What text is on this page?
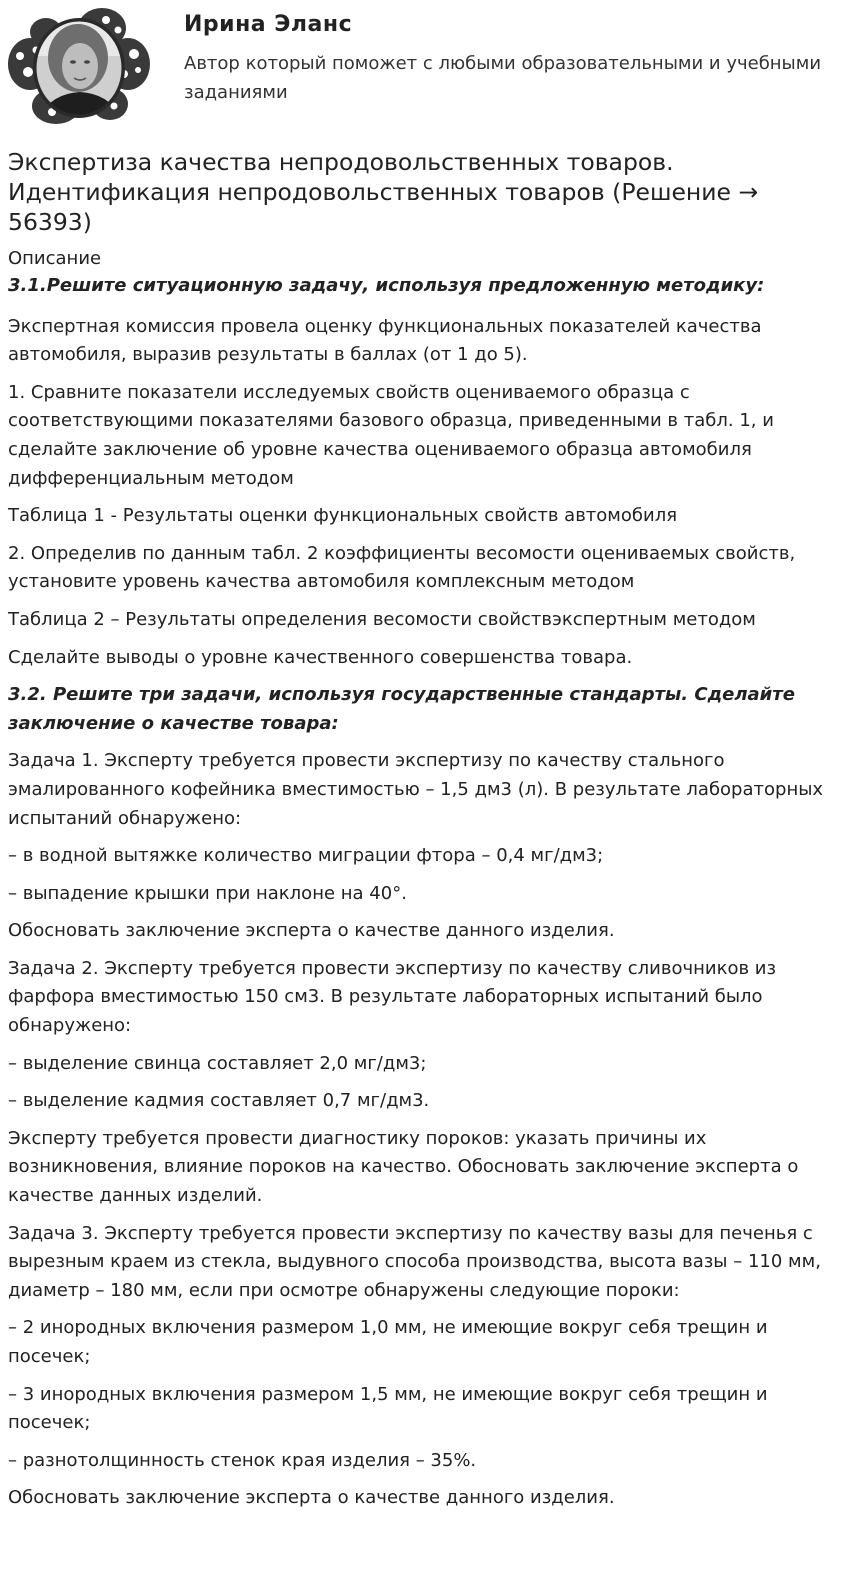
Ирина Эланс
Автор который поможет с любыми образовательными и учебными заданиями
Экспертиза качества непродовольственных товаров. Идентификация непродовольственных товаров (Решение → 56393)
Описание

3.1.Решите ситуационную задачу, используя предложенную методику:

Экспертная комиссия провела оценку функциональных показателей качества автомобиля, выразив результаты в баллах (от 1 до 5).

1. Сравните показатели исследуемых свойств оцениваемого образца с соответствующими показателями базового образца, приведенными в табл. 1, и сделайте заключение об уровне качества оцениваемого образца автомобиля дифференциальным методом

Таблица 1 - Результаты оценки функциональных свойств автомобиля

2. Определив по данным табл. 2 коэффициенты весомости оцениваемых свойств, установите уровень качества автомобиля комплексным методом

Таблица 2 – Результаты определения весомости свойствэкспертным методом

Сделайте выводы о уровне качественного совершенства товара.

3.2. Решите три задачи, используя государственные стандарты. Сделайте заключение о качестве товара:

Задача 1. Эксперту требуется провести экспертизу по качеству стального эмалированного кофейника вместимостью – 1,5 дм3 (л). В результате лабораторных испытаний обнаружено:

– в водной вытяжке количество миграции фтора – 0,4 мг/дм3;

– выпадение крышки при наклоне на 40°.

Обосновать заключение эксперта о качестве данного изделия.

Задача 2. Эксперту требуется провести экспертизу по качеству сливочников из фарфора вместимостью 150 см3. В результате лабораторных испытаний было обнаружено:

– выделение свинца составляет 2,0 мг/дм3;

– выделение кадмия составляет 0,7 мг/дм3.

Эксперту требуется провести диагностику пороков: указать причины их возникновения, влияние пороков на качество. Обосновать заключение эксперта о качестве данных изделий.

Задача 3. Эксперту требуется провести экспертизу по качеству вазы для печенья с вырезным краем из стекла, выдувного способа производства, высота вазы – 110 мм, диаметр – 180 мм, если при осмотре обнаружены следующие пороки:

– 2 инородных включения размером 1,0 мм, не имеющие вокруг себя трещин и посечек;

– 3 инородных включения размером 1,5 мм, не имеющие вокруг себя трещин и посечек;

– разнотолщинность стенок края изделия – 35%.

Обосновать заключение эксперта о качестве данного изделия.
